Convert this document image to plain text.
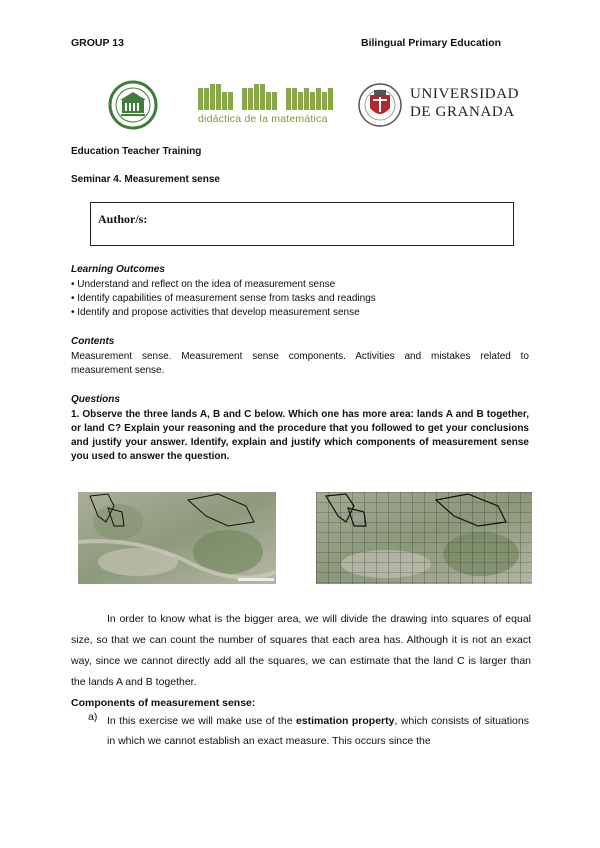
GROUP 13	Bilingual Primary Education
didáctica de la matemática
UNIVERSIDAD
DE GRANADA
Education Teacher Training
Seminar 4. Measurement sense
Author/s:
Learning Outcomes
• Understand and reflect on the idea of measurement sense
• Identify capabilities of measurement sense from tasks and readings
• Identify and propose activities that develop measurement sense
Contents
Measurement sense. Measurement sense components. Activities and mistakes related to measurement sense.
Questions
1. Observe the three lands A, B and C below. Which one has more area: lands A and B together, or land C? Explain your reasoning and the procedure that you followed to get your conclusions and justify your answer. Identify, explain and justify which components of measurement sense you used to answer the question.
In order to know what is the bigger area, we will divide the drawing into squares of equal size, so that we can count the number of squares that each area has. Although it is not an exact way, since we cannot directly add all the squares, we can estimate that the land C is larger than the lands A and B together.
Components of measurement sense:
a) In this exercise we will make use of the estimation property, which consists of situations in which we cannot establish an exact measure. This occurs since the
